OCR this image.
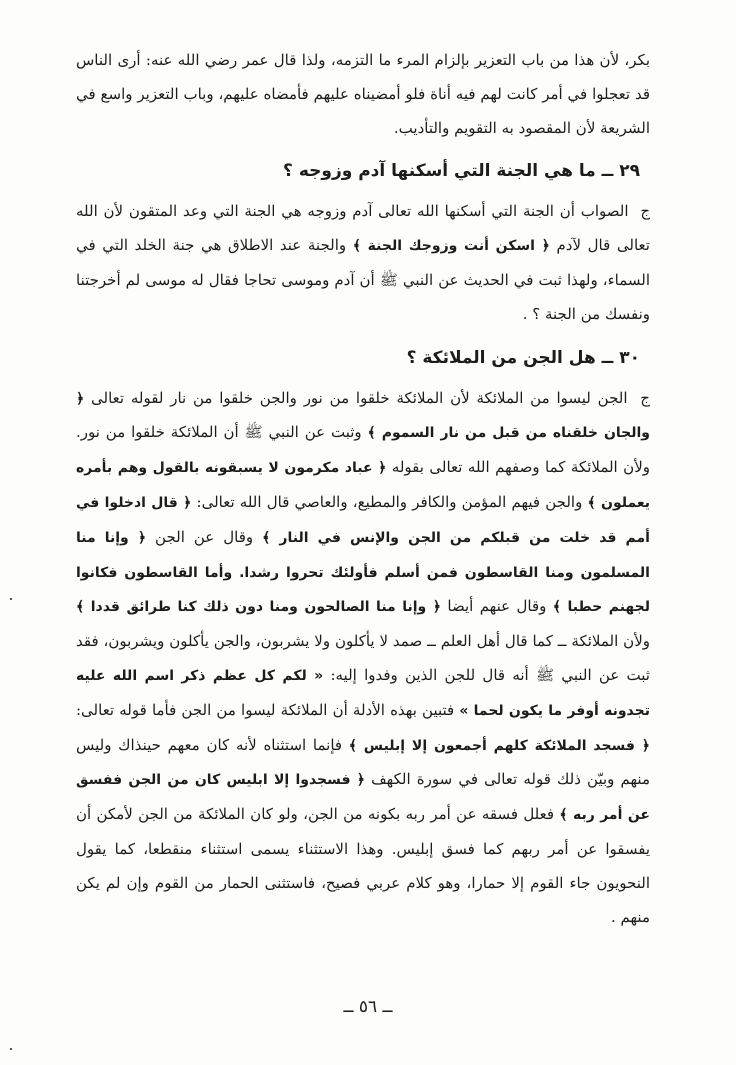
بكر، لأن هذا من باب التعزير بإلزام المرء ما التزمه، ولذا قال عمر رضي الله عنه: أرى الناس قد تعجلوا في أمر كانت لهم فيه أناة فلو أمضيناه عليهم فأمضاه عليهم، وباب التعزير واسع في الشريعة لأن المقصود به التقويم والتأديب.

٢٩ ــ ما هي الجنة التي أسكنها آدم وزوجه ؟

ج الصواب أن الجنة التي أسكنها الله تعالى آدم وزوجه هي الجنة التي وعد المتقون لأن الله تعالى قال لآدم ﴿ اسكن أنت وزوجك الجنة ﴾ والجنة عند الاطلاق هي جنة الخلد التي في السماء، ولهذا ثبت في الحديث عن النبي ﷺ أن آدم وموسى تحاجا فقال له موسى لم أخرجتنا ونفسك من الجنة ؟ .

٣٠ ــ هل الجن من الملائكة ؟

ج الجن ليسوا من الملائكة لأن الملائكة خلقوا من نور والجن خلقوا من نار لقوله تعالى ﴿ والجان خلقناه من قبل من نار السموم ﴾ وثبت عن النبي ﷺ أن الملائكة خلقوا من نور. ولأن الملائكة كما وصفهم الله تعالى بقوله ﴿ عباد مكرمون لا يسبقونه بالقول وهم بأمره يعملون ﴾ والجن فيهم المؤمن والكافر والمطيع، والعاصي قال الله تعالى: ﴿ قال ادخلوا في أمم قد خلت من قبلكم من الجن والإنس في النار ﴾ وقال عن الجن ﴿ وإنا منا المسلمون ومنا القاسطون فمن أسلم فأولئك تحروا رشدا. وأما القاسطون فكانوا لجهنم حطبا ﴾ وقال عنهم أيضا ﴿ وإنا منا الصالحون ومنا دون ذلك كنا طرائق قددا ﴾ ولأن الملائكة ــ كما قال أهل العلم ــ صمد لا يأكلون ولا يشربون، والجن يأكلون ويشربون، فقد ثبت عن النبي ﷺ أنه قال للجن الذين وفدوا إليه: « لكم كل عظم ذكر اسم الله عليه تجدونه أوفر ما يكون لحما » فتبين بهذه الأدلة أن الملائكة ليسوا من الجن فأما قوله تعالى: ﴿ فسجد الملائكة كلهم أجمعون إلا إبليس ﴾ فإنما استثناه لأنه كان معهم حينذاك وليس منهم وبيّن ذلك قوله تعالى في سورة الكهف ﴿ فسجدوا إلا ابليس كان من الجن ففسق عن أمر ربه ﴾ فعلل فسقه عن أمر ربه بكونه من الجن، ولو كان الملائكة من الجن لأمكن أن يفسقوا عن أمر ربهم كما فسق إبليس. وهذا الاستثناء يسمى استثناء منقطعا، كما يقول النحويون جاء القوم إلا حمارا، وهو كلام عربي فصيح، فاستثنى الحمار من القوم وإن لم يكن منهم .

ــ ٥٦ ــ
